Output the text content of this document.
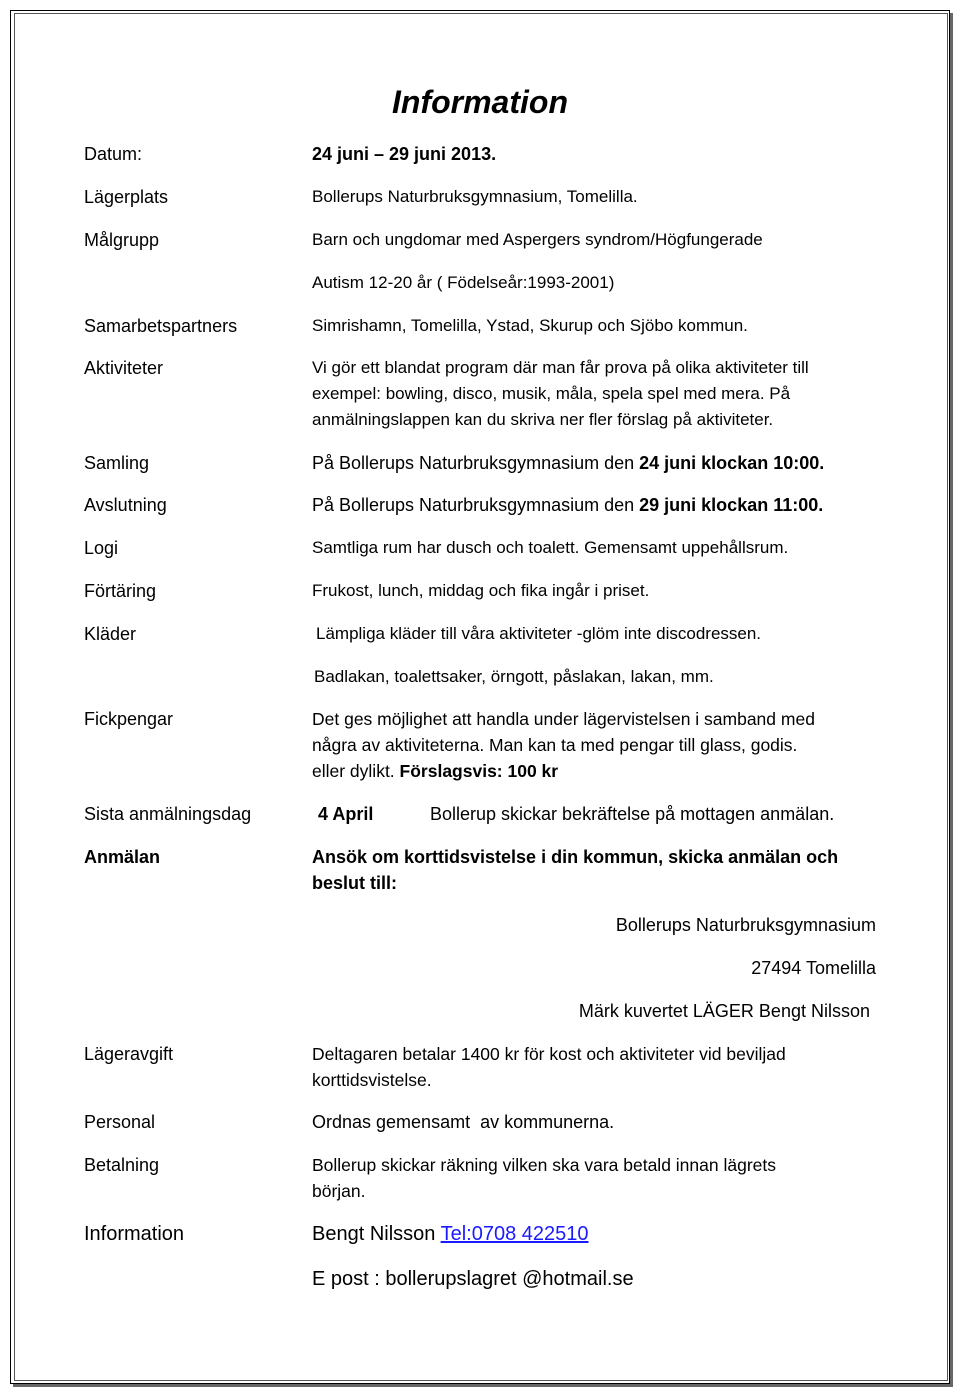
Information
Datum:	24 juni – 29 juni 2013.
Lägerplats	Bollerups Naturbruksgymnasium, Tomelilla.
Målgrupp	Barn och ungdomar med Aspergers syndrom/Högfungerade
Autism 12-20 år ( Födelseår:1993-2001)
Samarbetspartners	Simrishamn, Tomelilla, Ystad, Skurup och Sjöbo kommun.
Aktiviteter	Vi gör ett blandat program där man får prova på olika aktiviteter till
exempel: bowling, disco, musik, måla, spela spel med mera. På
anmälningslappen kan du skriva ner fler förslag på aktiviteter.
Samling	På Bollerups Naturbruksgymnasium den 24 juni klockan 10:00.
Avslutning	På Bollerups Naturbruksgymnasium den 29 juni klockan 11:00.
Logi	Samtliga rum har dusch och toalett. Gemensamt uppehållsrum.
Förtäring	Frukost, lunch, middag och fika ingår i priset.
Kläder	Lämpliga kläder till våra aktiviteter -glöm inte discodressen.
Badlakan, toalettsaker, örngott, påslakan, lakan, mm.
Fickpengar	Det ges möjlighet att handla under lägervistelsen i samband med
några av aktiviteterna. Man kan ta med pengar till glass, godis.
eller dylikt. Förslagsvis: 100 kr
Sista anmälningsdag	4 April	Bollerup skickar bekräftelse på mottagen anmälan.
Anmälan	Ansök om korttidsvistelse i din kommun, skicka anmälan och
beslut till:
Bollerups Naturbruksgymnasium
27494 Tomelilla
Märk kuvertet LÄGER Bengt Nilsson
Lägeravgift	Deltagaren betalar 1400 kr för kost och aktiviteter vid beviljad
korttidsvistelse.
Personal	Ordnas gemensamt  av kommunerna.
Betalning	Bollerup skickar räkning vilken ska vara betald innan lägrets
början.
Information	Bengt Nilsson Tel:0708 422510
E post : bollerupslagret @hotmail.se
